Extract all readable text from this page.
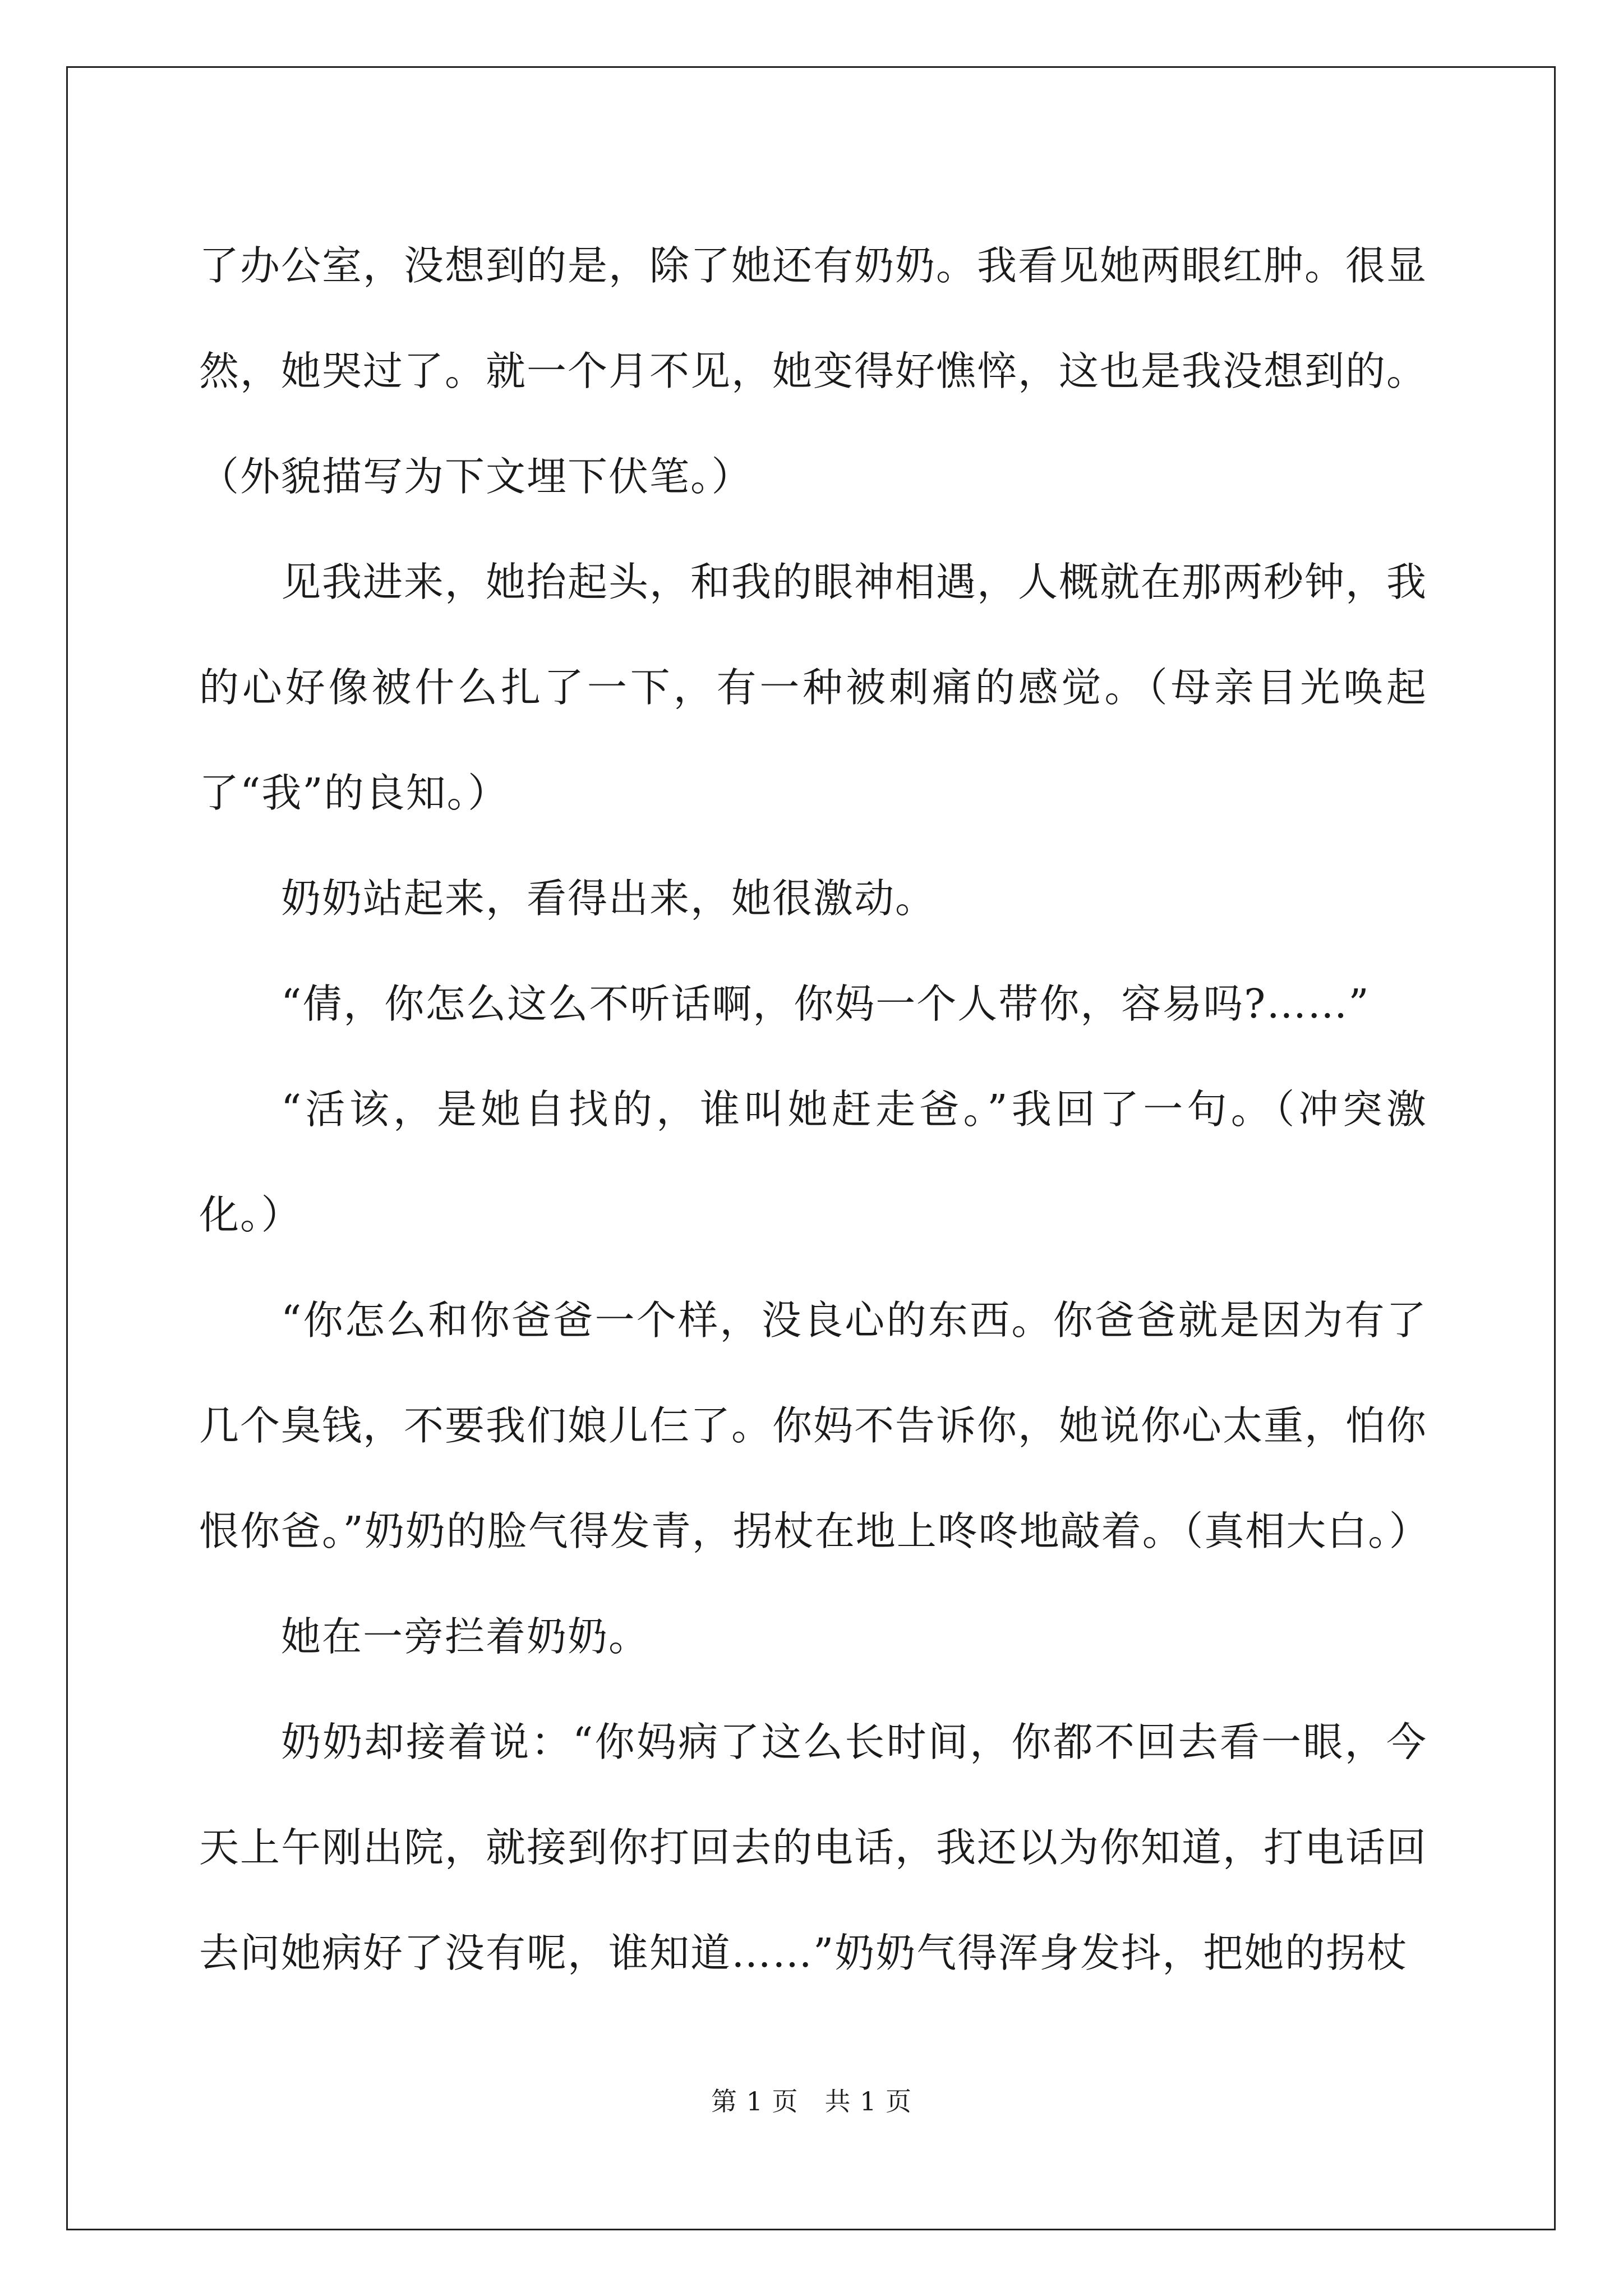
了办公室，没想到的是，除了她还有奶奶。我看见她两眼红肿。很显然，她哭过了。就一个月不见，她变得好憔悴，这也是我没想到的。（外貌描写为下文埋下伏笔。）

见我进来，她抬起头，和我的眼神相遇，人概就在那两秒钟，我的心好像被什么扎了一下，有一种被刺痛的感觉。（母亲目光唤起了“我”的良知。）

奶奶站起来，看得出来，她很激动。

“倩，你怎么这么不听话啊，你妈一个人带你，容易吗?……”

“活该，是她自找的，谁叫她赶走爸。”我回了一句。（冲突激化。）

“你怎么和你爸爸一个样，没良心的东西。你爸爸就是因为有了几个臭钱，不要我们娘儿仨了。你妈不告诉你，她说你心太重，怕你恨你爸。”奶奶的脸气得发青，拐杖在地上咚咚地敲着。（真相大白。）

她在一旁拦着奶奶。

奶奶却接着说：“你妈病了这么长时间，你都不回去看一眼，今天上午刚出院，就接到你打回去的电话，我还以为你知道，打电话回去问她病好了没有呢，谁知道……”奶奶气得浑身发抖，把她的拐杖

第 1 页　共 1 页
